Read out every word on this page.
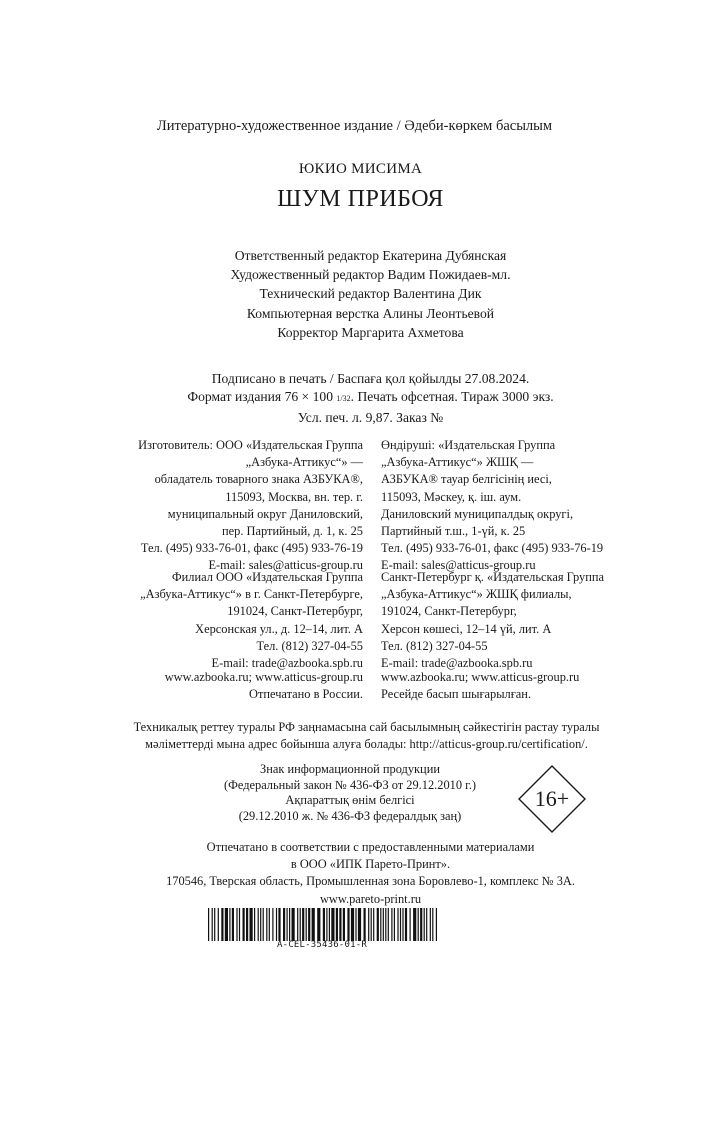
Литературно-художественное издание / Әдеби-көркем басылым
ЮКИО МИСИМА
ШУМ ПРИБОЯ
Ответственный редактор Екатерина Дубянская
Художественный редактор Вадим Пожидаев-мл.
Технический редактор Валентина Дик
Компьютерная верстка Алины Леонтьевой
Корректор Маргарита Ахметова
Подписано в печать / Баспаға қол қойылды 27.08.2024.
Формат издания 76 × 100 1/32. Печать офсетная. Тираж 3000 экз.
Усл. печ. л. 9,87. Заказ №
Изготовитель: ООО «Издательская Группа
„Азбука-Аттикус“» —
обладатель товарного знака АЗБУКА®,
115093, Москва, вн. тер. г.
муниципальный округ Даниловский,
пер. Партийный, д. 1, к. 25
Тел. (495) 933-76-01, факс (495) 933-76-19
E-mail: sales@atticus-group.ru
Өндіруші: «Издательская Группа
„Азбука-Аттикус“» ЖШҚ —
АЗБУКА® тауар белгісінің иесі,
115093, Мәскеу, қ. іш. аум.
Даниловский муниципалдық округі,
Партийный т.ш., 1-үй, к. 25
Тел. (495) 933-76-01, факс (495) 933-76-19
E-mail: sales@atticus-group.ru
Филиал ООО «Издательская Группа
„Азбука-Аттикус“» в г. Санкт-Петербурге,
191024, Санкт-Петербург,
Херсонская ул., д. 12–14, лит. А
Тел. (812) 327-04-55
E-mail: trade@azbooka.spb.ru
Санкт-Петербург қ. «Издательская Группа
„Азбука-Аттикус“» ЖШҚ филиалы,
191024, Санкт-Петербург,
Херсон көшесі, 12–14 үй, лит. А
Тел. (812) 327-04-55
E-mail: trade@azbooka.spb.ru
www.azbooka.ru; www.atticus-group.ru
Отпечатано в России.
www.azbooka.ru; www.atticus-group.ru
Ресейде басып шығарылған.
Техникалық реттеу туралы РФ заңнамасына сай басылымның сәйкестігін растау туралы
мәліметтерді мына адрес бойынша алуға болады: http://atticus-group.ru/certification/.
Знак информационной продукции
(Федеральный закон № 436-ФЗ от 29.12.2010 г.)
Ақпараттық өнім белгісі
(29.12.2010 ж. № 436-ФЗ федералдық заң)
16+
Отпечатано в соответствии с предоставленными материалами
в ООО «ИПК Парето-Принт».
170546, Тверская область, Промышленная зона Боровлево-1, комплекс № 3А.
www.pareto-print.ru
A-CEL-35436-01-R
